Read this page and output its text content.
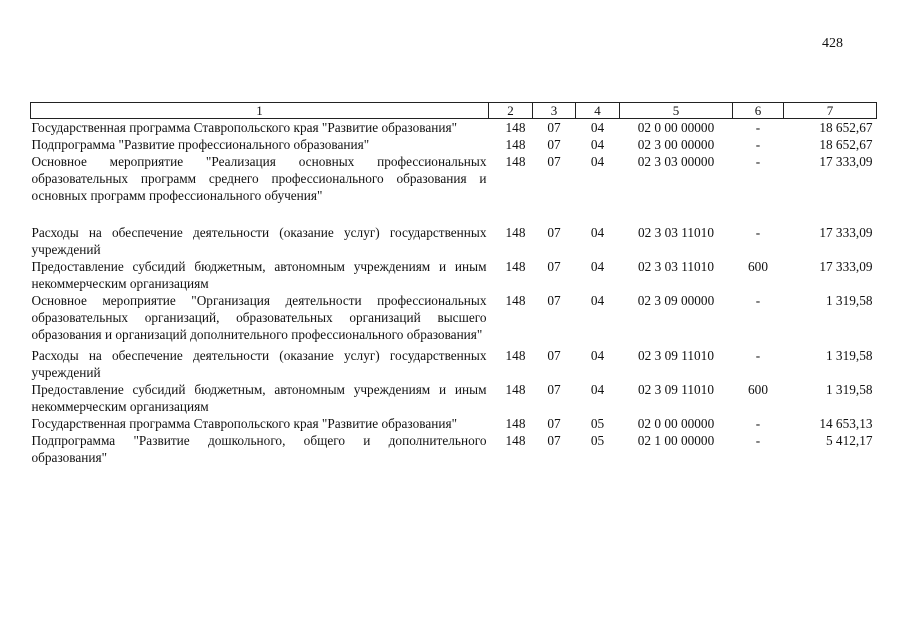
428
1	2	3	4	5	6	7
Государственная программа Ставропольского края "Развитие образования"	148	07	04	02 0 00 00000	-	18 652,67
Подпрограмма "Развитие профессионального образования"	148	07	04	02 3 00 00000	-	18 652,67
Основное мероприятие "Реализация основных профессиональных образовательных программ среднего профессионального образования и основных программ профессионального обучения"	148	07	04	02 3 03 00000	-	17 333,09
Расходы на обеспечение деятельности (оказание услуг) государственных учреждений	148	07	04	02 3 03 11010	-	17 333,09
Предоставление субсидий бюджетным, автономным учреждениям и иным некоммерческим организациям	148	07	04	02 3 03 11010	600	17 333,09
Основное мероприятие "Организация деятельности профессиональных образовательных организаций, образовательных организаций высшего образования и организаций дополнительного профессионального образования"	148	07	04	02 3 09 00000	-	1 319,58
Расходы на обеспечение деятельности (оказание услуг) государственных учреждений	148	07	04	02 3 09 11010	-	1 319,58
Предоставление субсидий бюджетным, автономным учреждениям и иным некоммерческим организациям	148	07	04	02 3 09 11010	600	1 319,58
Государственная программа Ставропольского края "Развитие образования"	148	07	05	02 0 00 00000	-	14 653,13
Подпрограмма "Развитие дошкольного, общего и дополнительного образования"	148	07	05	02 1 00 00000	-	5 412,17
